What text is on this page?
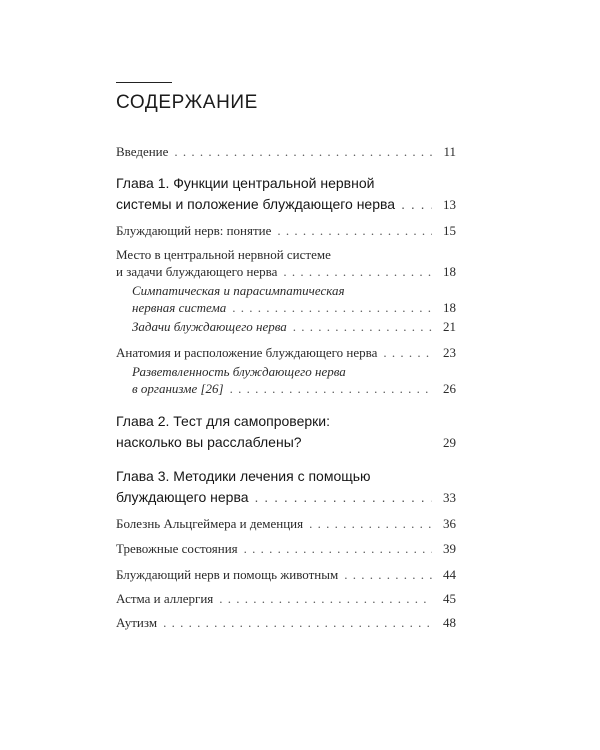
СОДЕРЖАНИЕ
Введение . . .	11
Глава 1. Функции центральной нервной
системы и положение блуждающего нерва . . .	13
Блуждающий нерв: понятие . . .	15
Место в центральной нервной системе
и задачи блуждающего нерва . . .	18
Симпатическая и парасимпатическая
нервная система . . .	18
Задачи блуждающего нерва . . .	21
Анатомия и расположение блуждающего нерва . . .	23
Разветвленность блуждающего нерва
в организме [26] . . .	26
Глава 2. Тест для самопроверки:
насколько вы расслаблены?	29
Глава 3. Методики лечения с помощью
блуждающего нерва . . .	33
Болезнь Альцгеймера и деменция . . .	36
Тревожные состояния . . .	39
Блуждающий нерв и помощь животным . . .	44
Астма и аллергия . . .	45
Аутизм . . .	48
